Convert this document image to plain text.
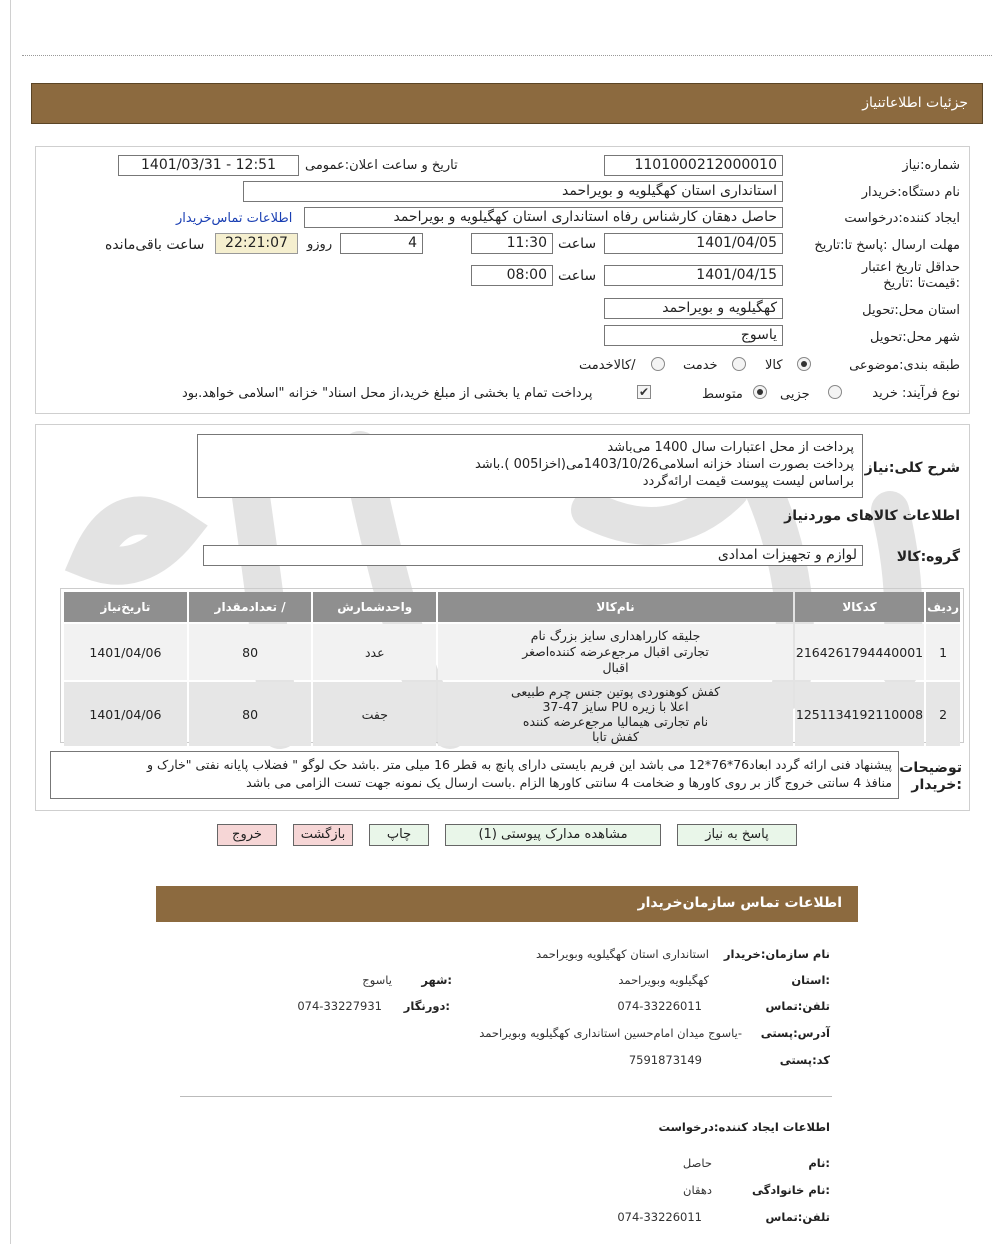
جزئیات اطلاعاتنیاز
شماره:نیاز
1101000212000010
تاریخ و ساعت اعلان:عمومی
1401/03/31 - 12:51
نام دستگاه:خریدار
استانداری استان کهگیلویه و بویراحمد
ایجاد کننده:درخواست
حاصل دهقان کارشناس رفاه استانداری استان کهگیلویه و بویراحمد
اطلاعات تماس‌خریدار
مهلت ارسال :پاسخ تا:تاریخ
1401/04/05
ساعت
11:30
4
روزو
22:21:07
ساعت باقی‌مانده
حداقل تاریخ اعتبار :قیمت‌تا :تاریخ
1401/04/15
ساعت
08:00
استان محل:تحویل
کهگیلویه و بویراحمد
شهر محل:تحویل
یاسوج
طبقه بندی:موضوعی
کالا
خدمت
/کالاخدمت
نوع فرآیند: خرید
جزیی
متوسط
✔
پرداخت تمام یا بخشی از مبلغ خرید،از محل اسناد" خزانه "اسلامی خواهد.بود
شرح کلی:نیاز
پرداخت از محل اعتبارات سال 1400 می‌باشد
پرداخت بصورت اسناد خزانه اسلامی1403/10/26می(اخزا005 ).باشد
براساس لیست پیوست قیمت ارائه‌گردد
اطلاعات کالاهای مورد‌نیاز
گروه:کالا
لوازم و تجهیزات امدادی
ردیف	کدکالا	نام‌کالا	واحدشمارش	/ تعداد‌مقدار	تاریخ‌نیاز
1	2164261794440001	جلیقه کارراهداری سایز بزرگ نام
تجارتی اقبال مرجع‌عرضه کننده‌اصغر
اقبال	عدد	80	1401/04/06
2	1251134192110008	کفش کوهنوردی پوتین جنس چرم طبیعی
اعلا با زیره PU سایز 47-37
نام تجارتی هیمالیا مرجع‌عرضه کننده
کفش تابا	جفت	80	1401/04/06
توضیحات :خریدار
پیشنهاد فنی ارائه گردد ابعاد76*76*12 می باشد این فریم بایستی دارای پانچ به قطر 16 میلی متر .باشد حک لوگو " فضلاب پایانه نفتی "خارک و
منافذ 4 سانتی خروج گاز بر روی کاورها و ضخامت 4 سانتی کاورها الزام .باست ارسال یک نمونه جهت تست الزامی می باشد
پاسخ به نیاز
مشاهده مدارک پیوستی (1)
چاپ
بازگشت
خروج
اطلاعات تماس سازمان‌خریدار
نام سازمان:خریدار
استانداری استان کهگیلویه وبویراحمد
:استان
کهگیلویه وبویراحمد
:شهر
یاسوج
تلفن:تماس
074-33226011
:دورنگار
074-33227931
آدرس:پستی
-یاسوج میدان امام‌حسین استانداری کهگیلویه وبویراحمد
کد:پستی
7591873149
اطلاعات ایجاد کننده:درخواست
:نام
حاصل
:نام خانوادگی
دهقان
تلفن:تماس
074-33226011
